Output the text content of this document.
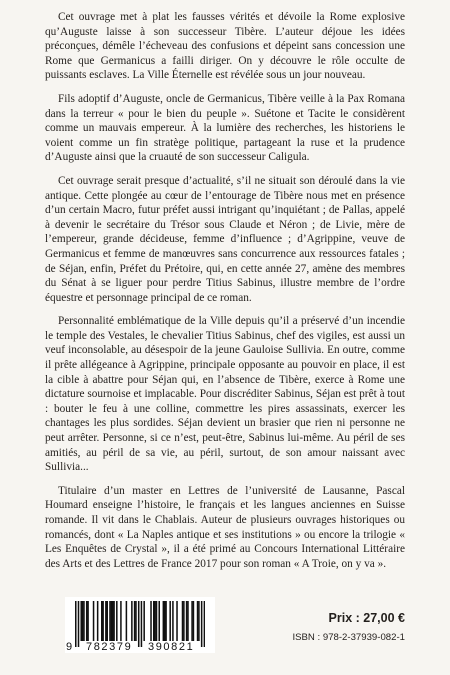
Cet ouvrage met à plat les fausses vérités et dévoile la Rome explosive qu’Auguste laisse à son successeur Tibère. L’auteur déjoue les idées préconçues, démêle l’écheveau des confusions et dépeint sans concession une Rome que Germanicus a failli diriger. On y découvre le rôle occulte de puissants esclaves. La Ville Éternelle est révélée sous un jour nouveau.

Fils adoptif d’Auguste, oncle de Germanicus, Tibère veille à la Pax Romana dans la terreur « pour le bien du peuple ». Suétone et Tacite le considèrent comme un mauvais empereur. À la lumière des recherches, les historiens le voient comme un fin stratège politique, partageant la ruse et la prudence d’Auguste ainsi que la cruauté de son successeur Caligula.

Cet ouvrage serait presque d’actualité, s’il ne situait son déroulé dans la vie antique. Cette plongée au cœur de l’entourage de Tibère nous met en présence d’un certain Macro, futur préfet aussi intrigant qu’inquiétant ; de Pallas, appelé à devenir le secrétaire du Trésor sous Claude et Néron ; de Livie, mère de l’empereur, grande décideuse, femme d’influence ; d’Agrippine, veuve de Germanicus et femme de manœuvres sans concurrence aux ressources fatales ; de Séjan, enfin, Préfet du Prétoire, qui, en cette année 27, amène des membres du Sénat à se liguer pour perdre Titius Sabinus, illustre membre de l’ordre équestre et personnage principal de ce roman.

Personnalité emblématique de la Ville depuis qu’il a préservé d’un incendie le temple des Vestales, le chevalier Titius Sabinus, chef des vigiles, est aussi un veuf inconsolable, au désespoir de la jeune Gauloise Sullivia. En outre, comme il prête allégeance à Agrippine, principale opposante au pouvoir en place, il est la cible à abattre pour Séjan qui, en l’absence de Tibère, exerce à Rome une dictature sournoise et implacable. Pour discréditer Sabinus, Séjan est prêt à tout : bouter le feu à une colline, commettre les pires assassinats, exercer les chantages les plus sordides. Séjan devient un brasier que rien ni personne ne peut arrêter. Personne, si ce n’est, peut-être, Sabinus lui-même. Au péril de ses amitiés, au péril de sa vie, au péril, surtout, de son amour naissant avec Sullivia...

Titulaire d’un master en Lettres de l’université de Lausanne, Pascal Houmard enseigne l’histoire, le français et les langues anciennes en Suisse romande. Il vit dans le Chablais. Auteur de plusieurs ouvrages historiques ou romancés, dont « La Naples antique et ses institutions » ou encore la trilogie « Les Enquêtes de Crystal », il a été primé au Concours International Littéraire des Arts et des Lettres de France 2017 pour son roman « A Troie, on y va ».

9 782379 390821
Prix : 27,00 €
ISBN : 978-2-37939-082-1
